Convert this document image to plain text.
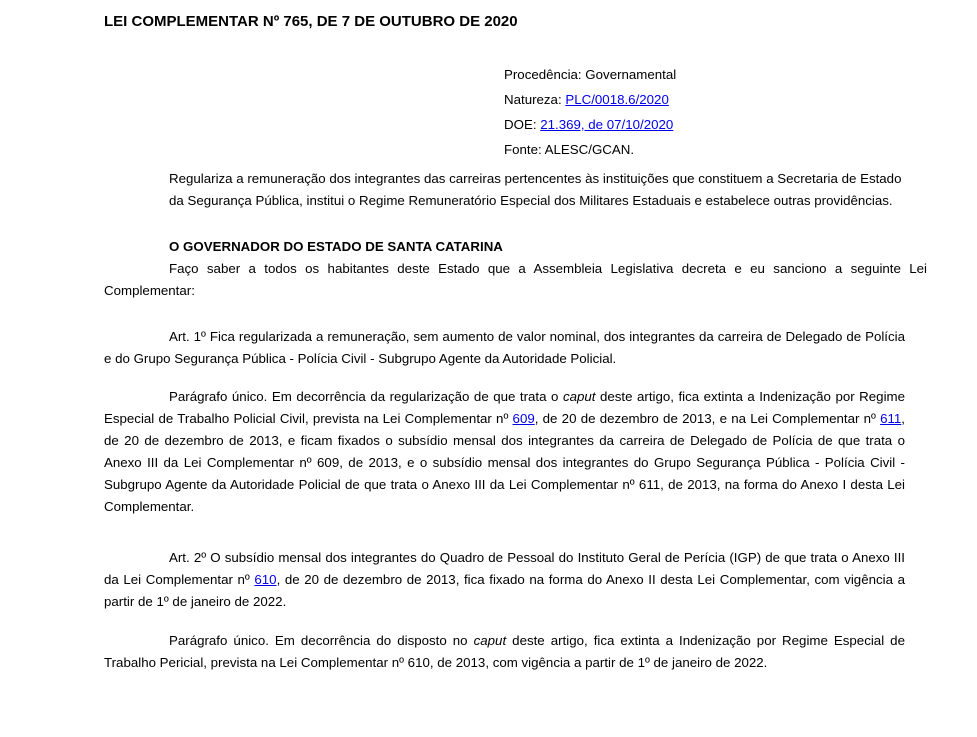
LEI COMPLEMENTAR Nº 765, DE 7 DE OUTUBRO DE 2020
Procedência: Governamental
Natureza: PLC/0018.6/2020
DOE: 21.369, de 07/10/2020
Fonte: ALESC/GCAN.

Regulariza a remuneração dos integrantes das carreiras pertencentes às instituições que constituem a Secretaria de Estado da Segurança Pública, institui o Regime Remuneratório Especial dos Militares Estaduais e estabelece outras providências.

O GOVERNADOR DO ESTADO DE SANTA CATARINA

Faço saber a todos os habitantes deste Estado que a Assembleia Legislativa decreta e eu sanciono a seguinte Lei Complementar:

Art. 1º Fica regularizada a remuneração, sem aumento de valor nominal, dos integrantes da carreira de Delegado de Polícia e do Grupo Segurança Pública - Polícia Civil - Subgrupo Agente da Autoridade Policial.

Parágrafo único. Em decorrência da regularização de que trata o caput deste artigo, fica extinta a Indenização por Regime Especial de Trabalho Policial Civil, prevista na Lei Complementar nº 609, de 20 de dezembro de 2013, e na Lei Complementar nº 611, de 20 de dezembro de 2013, e ficam fixados o subsídio mensal dos integrantes da carreira de Delegado de Polícia de que trata o Anexo III da Lei Complementar nº 609, de 2013, e o subsídio mensal dos integrantes do Grupo Segurança Pública - Polícia Civil - Subgrupo Agente da Autoridade Policial de que trata o Anexo III da Lei Complementar nº 611, de 2013, na forma do Anexo I desta Lei Complementar.

Art. 2º O subsídio mensal dos integrantes do Quadro de Pessoal do Instituto Geral de Perícia (IGP) de que trata o Anexo III da Lei Complementar nº 610, de 20 de dezembro de 2013, fica fixado na forma do Anexo II desta Lei Complementar, com vigência a partir de 1º de janeiro de 2022.

Parágrafo único. Em decorrência do disposto no caput deste artigo, fica extinta a Indenização por Regime Especial de Trabalho Pericial, prevista na Lei Complementar nº 610, de 2013, com vigência a partir de 1º de janeiro de 2022.
